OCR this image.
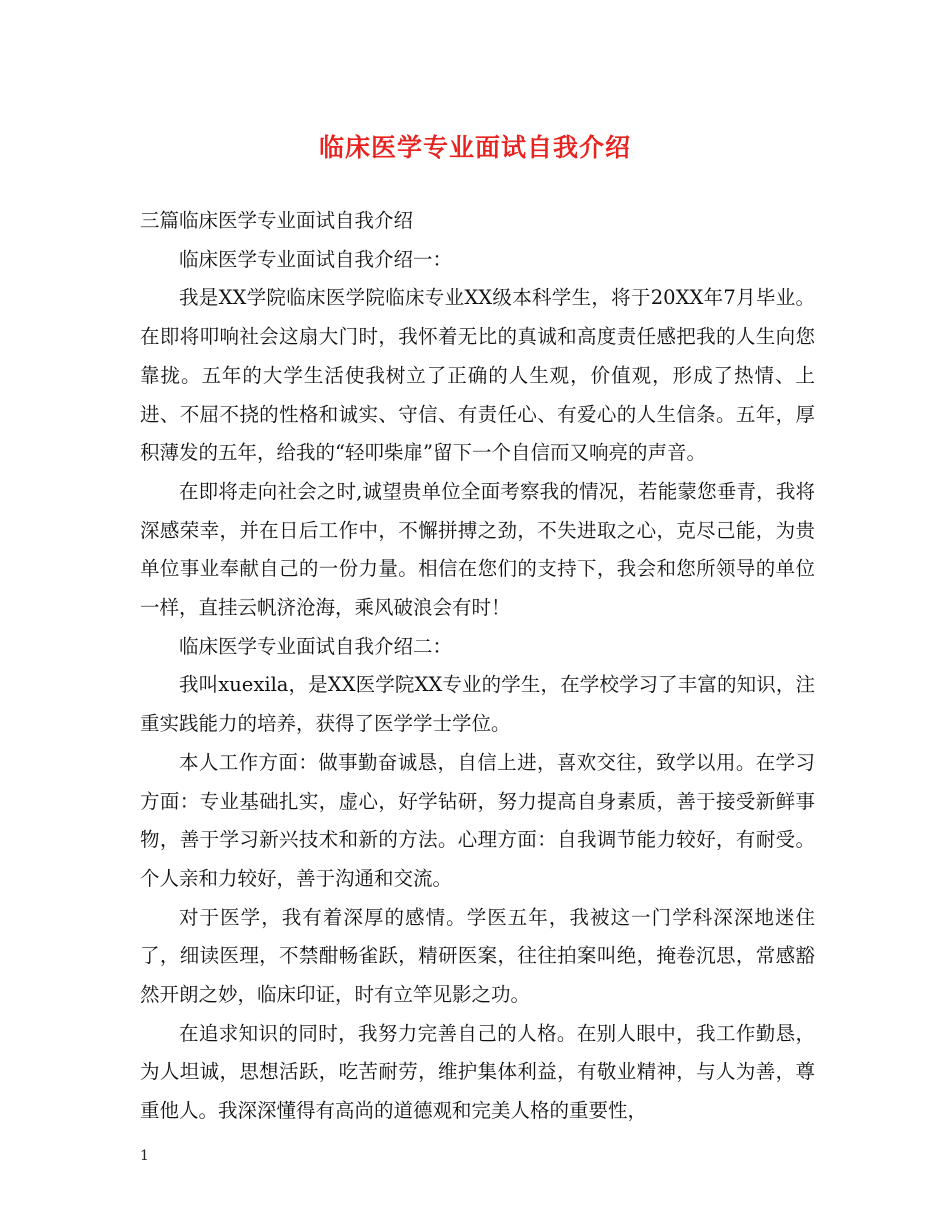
临床医学专业面试自我介绍

三篇临床医学专业面试自我介绍

临床医学专业面试自我介绍一：

我是XX学院临床医学院临床专业XX级本科学生，将于20XX年7月毕业。在即将叩响社会这扇大门时，我怀着无比的真诚和高度责任感把我的人生向您靠拢。五年的大学生活使我树立了正确的人生观，价值观，形成了热情、上进、不屈不挠的性格和诚实、守信、有责任心、有爱心的人生信条。五年，厚积薄发的五年，给我的“轻叩柴扉”留下一个自信而又响亮的声音。

在即将走向社会之时,诚望贵单位全面考察我的情况，若能蒙您垂青，我将深感荣幸，并在日后工作中，不懈拼搏之劲，不失进取之心，克尽己能，为贵单位事业奉献自己的一份力量。相信在您们的支持下，我会和您所领导的单位一样，直挂云帆济沧海，乘风破浪会有时！

临床医学专业面试自我介绍二：

我叫xuexila，是XX医学院XX专业的学生，在学校学习了丰富的知识，注重实践能力的培养，获得了医学学士学位。

本人工作方面：做事勤奋诚恳，自信上进，喜欢交往，致学以用。在学习方面：专业基础扎实，虚心，好学钻研，努力提高自身素质，善于接受新鲜事物，善于学习新兴技术和新的方法。心理方面：自我调节能力较好，有耐受。个人亲和力较好，善于沟通和交流。

对于医学，我有着深厚的感情。学医五年，我被这一门学科深深地迷住了，细读医理，不禁酣畅雀跃，精研医案，往往拍案叫绝，掩卷沉思，常感豁然开朗之妙，临床印证，时有立竿见影之功。

在追求知识的同时，我努力完善自己的人格。在别人眼中，我工作勤恳，为人坦诚，思想活跃，吃苦耐劳，维护集体利益，有敬业精神，与人为善，尊重他人。我深深懂得有高尚的道德观和完美人格的重要性，

1
